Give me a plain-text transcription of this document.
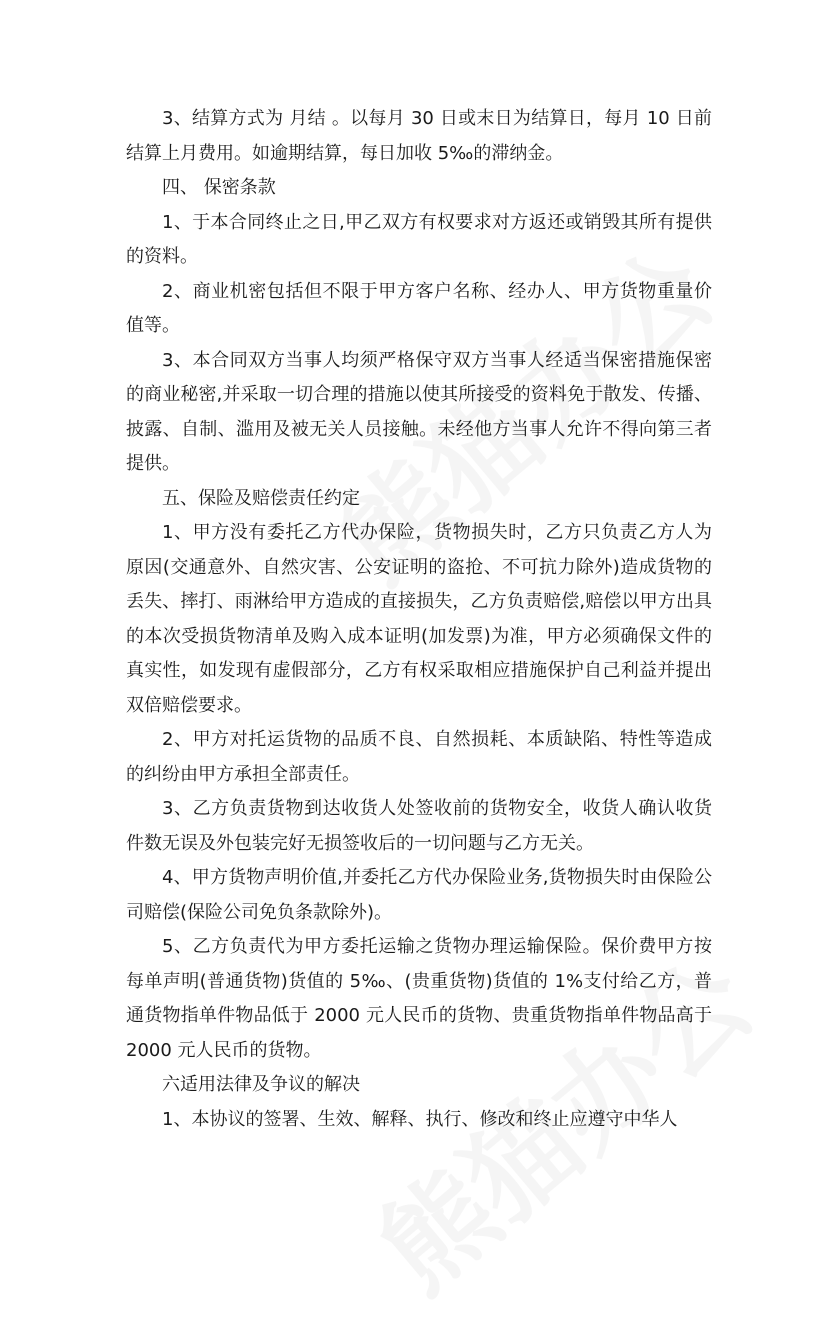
3、结算方式为 月结 。以每月 30 日或末日为结算日，每月 10 日前结算上月费用。如逾期结算，每日加收 5‰的滞纳金。

四、 保密条款

1、于本合同终止之日,甲乙双方有权要求对方返还或销毁其所有提供的资料。

2、商业机密包括但不限于甲方客户名称、经办人、甲方货物重量价值等。

3、本合同双方当事人均须严格保守双方当事人经适当保密措施保密的商业秘密,并采取一切合理的措施以使其所接受的资料免于散发、传播、披露、自制、滥用及被无关人员接触。未经他方当事人允许不得向第三者提供。

五、保险及赔偿责任约定

1、甲方没有委托乙方代办保险，货物损失时，乙方只负责乙方人为原因(交通意外、自然灾害、公安证明的盗抢、不可抗力除外)造成货物的丢失、摔打、雨淋给甲方造成的直接损失，乙方负责赔偿,赔偿以甲方出具的本次受损货物清单及购入成本证明(加发票)为准，甲方必须确保文件的真实性，如发现有虚假部分，乙方有权采取相应措施保护自己利益并提出双倍赔偿要求。

2、甲方对托运货物的品质不良、自然损耗、本质缺陷、特性等造成的纠纷由甲方承担全部责任。

3、乙方负责货物到达收货人处签收前的货物安全，收货人确认收货件数无误及外包装完好无损签收后的一切问题与乙方无关。

4、甲方货物声明价值,并委托乙方代办保险业务,货物损失时由保险公司赔偿(保险公司免负条款除外)。

5、乙方负责代为甲方委托运输之货物办理运输保险。保价费甲方按每单声明(普通货物)货值的 5‰、(贵重货物)货值的 1%支付给乙方，普通货物指单件物品低于 2000 元人民币的货物、贵重货物指单件物品高于 2000 元人民币的货物。

六适用法律及争议的解决

1、本协议的签署、生效、解释、执行、修改和终止应遵守中华人
